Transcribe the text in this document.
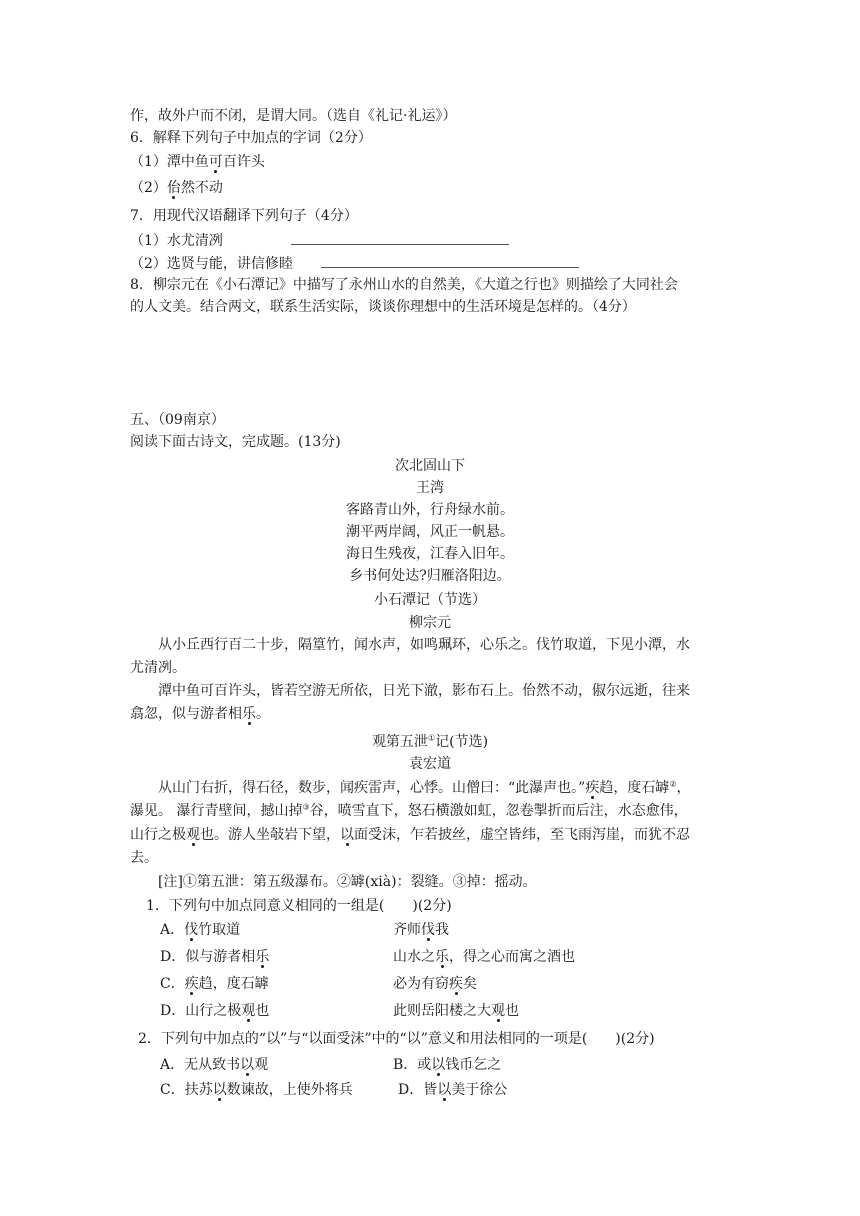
作，故外户而不闭，是谓大同。（选自《礼记·礼运》）

6．解释下列句子中加点的字词（2分）

（1）潭中鱼可百许头

（2）佁然不动

7．用现代汉语翻译下列句子（4分）

（1）水尤清冽

（2）选贤与能，讲信修睦

8．柳宗元在《小石潭记》中描写了永州山水的自然美，《大道之行也》则描绘了大同社会

的人文美。结合两文，联系生活实际，谈谈你理想中的生活环境是怎样的。（4分）

五、（09南京）

阅读下面古诗文，完成题。(13分)

次北固山下

王湾

客路青山外，行舟绿水前。

潮平两岸阔，风正一帆悬。

海日生残夜，江春入旧年。

乡书何处达?归雁洛阳边。

小石潭记（节选）

柳宗元

从小丘西行百二十步，隔篁竹，闻水声，如鸣珮环，心乐之。伐竹取道，下见小潭，水

尤清冽。

潭中鱼可百许头，皆若空游无所依，日光下澈，影布石上。佁然不动，俶尔远逝，往来

翕忽，似与游者相乐。

观第五泄①记(节选)

袁宏道

从山门右折，得石径，数步，闻疾雷声，心悸。山僧曰：“此瀑声也。”疾趋，度石罅②，

瀑见。 瀑行青壁间，撼山掉③谷，喷雪直下，怒石横激如虹，忽卷掣折而后注，水态愈伟，

山行之极观也。游人坐敧岩下望，以面受沫，乍若披丝，虚空皆纬，至飞雨泻崖，而犹不忍

去。

[注]①第五泄：第五级瀑布。②罅(xià)：裂缝。③掉：摇动。

1．下列句中加点同意义相同的一组是(　　)(2分)

A．伐竹取道	齐师伐我
D．似与游者相乐	山水之乐，得之心而寓之酒也
C．疾趋，度石罅	必为有窃疾矣
D．山行之极观也	此则岳阳楼之大观也

2．下列句中加点的“以”与“以面受沫”中的“以”意义和用法相同的一项是(　　)(2分)

A．无从致书以观	B．或以钱币乞之
C．扶苏以数谏故，上使外将兵	D．皆以美于徐公
